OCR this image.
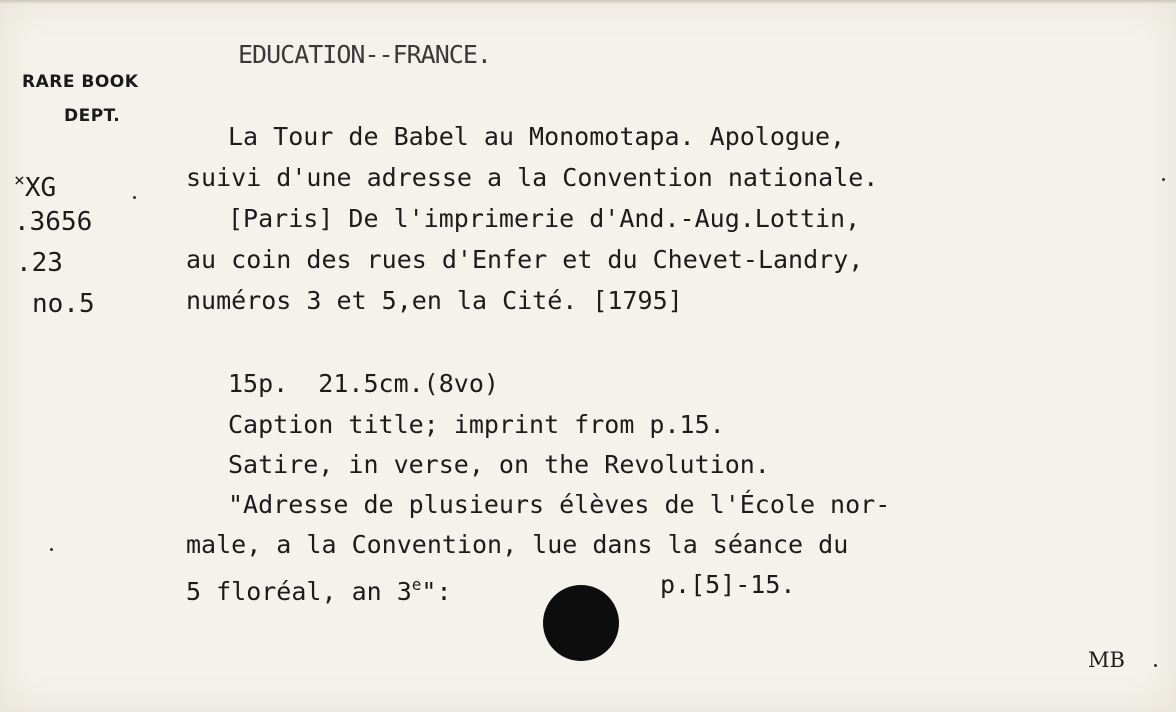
RARE BOOK
DEPT.
×XG
.3656
.23
no.5
EDUCATION--FRANCE.
La Tour de Babel au Monomotapa. Apologue,
suivi d'une adresse a la Convention nationale.
[Paris] De l'imprimerie d'And.-Aug.Lottin,
au coin des rues d'Enfer et du Chevet-Landry,
numéros 3 et 5,en la Cité. [1795]
15p.  21.5cm.(8vo)
Caption title; imprint from p.15.
Satire, in verse, on the Revolution.
"Adresse de plusieurs élèves de l'École nor-
male, a la Convention, lue dans la séance du
5 floréal, an 3e":	p.[5]-15.
MB
